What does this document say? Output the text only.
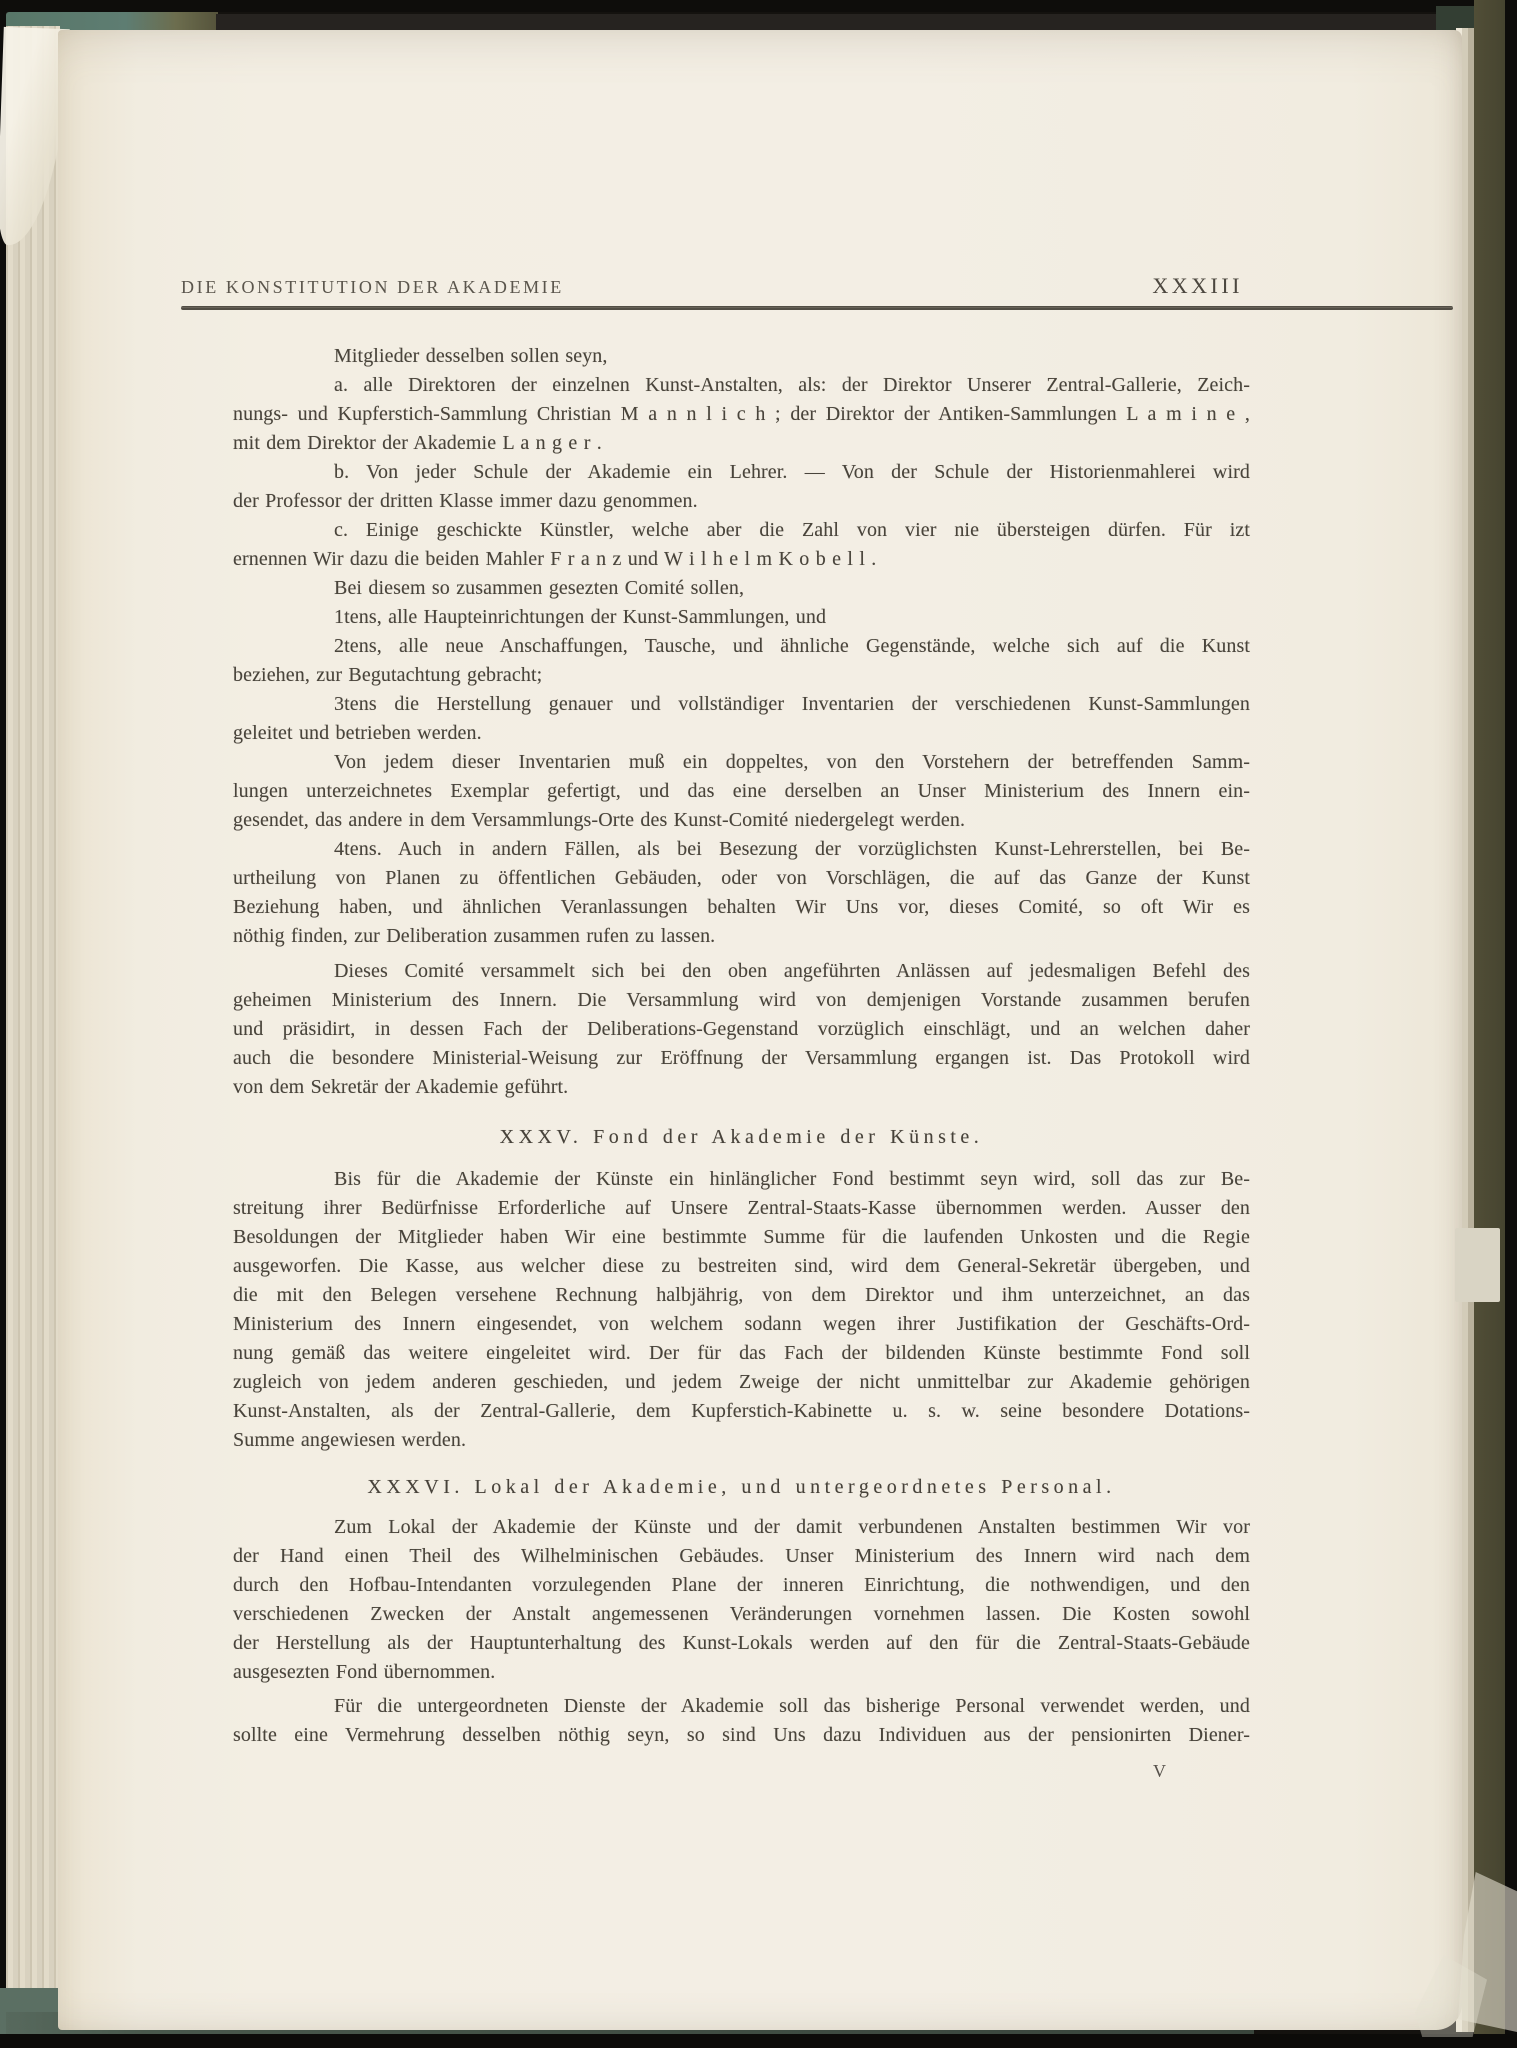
DIE KONSTITUTION DER AKADEMIE	XXXIII
Mitglieder desselben sollen seyn,
a. alle Direktoren der einzelnen Kunst-Anstalten, als: der Direktor Unserer Zentral-Gallerie, Zeich-
nungs- und Kupferstich-Sammlung Christian M a n n l i c h ; der Direktor der Antiken-Sammlungen L a m i n e ,
mit dem Direktor der Akademie L a n g e r .
b. Von jeder Schule der Akademie ein Lehrer. — Von der Schule der Historienmahlerei wird
der Professor der dritten Klasse immer dazu genommen.
c. Einige geschickte Künstler, welche aber die Zahl von vier nie übersteigen dürfen. Für izt
ernennen Wir dazu die beiden Mahler F r a n z und W i l h e l m K o b e l l .
Bei diesem so zusammen gesezten Comité sollen,
1tens, alle Haupteinrichtungen der Kunst-Sammlungen, und
2tens, alle neue Anschaffungen, Tausche, und ähnliche Gegenstände, welche sich auf die Kunst
beziehen, zur Begutachtung gebracht;
3tens die Herstellung genauer und vollständiger Inventarien der verschiedenen Kunst-Sammlungen
geleitet und betrieben werden.
Von jedem dieser Inventarien muß ein doppeltes, von den Vorstehern der betreffenden Samm-
lungen unterzeichnetes Exemplar gefertigt, und das eine derselben an Unser Ministerium des Innern ein-
gesendet, das andere in dem Versammlungs-Orte des Kunst-Comité niedergelegt werden.
4tens. Auch in andern Fällen, als bei Besezung der vorzüglichsten Kunst-Lehrerstellen, bei Be-
urtheilung von Planen zu öffentlichen Gebäuden, oder von Vorschlägen, die auf das Ganze der Kunst
Beziehung haben, und ähnlichen Veranlassungen behalten Wir Uns vor, dieses Comité, so oft Wir es
nöthig finden, zur Deliberation zusammen rufen zu lassen.
Dieses Comité versammelt sich bei den oben angeführten Anlässen auf jedesmaligen Befehl des
geheimen Ministerium des Innern. Die Versammlung wird von demjenigen Vorstande zusammen berufen
und präsidirt, in dessen Fach der Deliberations-Gegenstand vorzüglich einschlägt, und an welchen daher
auch die besondere Ministerial-Weisung zur Eröffnung der Versammlung ergangen ist. Das Protokoll wird
von dem Sekretär der Akademie geführt.
XXXV. Fond der Akademie der Künste.
Bis für die Akademie der Künste ein hinlänglicher Fond bestimmt seyn wird, soll das zur Be-
streitung ihrer Bedürfnisse Erforderliche auf Unsere Zentral-Staats-Kasse übernommen werden. Ausser den
Besoldungen der Mitglieder haben Wir eine bestimmte Summe für die laufenden Unkosten und die Regie
ausgeworfen. Die Kasse, aus welcher diese zu bestreiten sind, wird dem General-Sekretär übergeben, und
die mit den Belegen versehene Rechnung halbjährig, von dem Direktor und ihm unterzeichnet, an das
Ministerium des Innern eingesendet, von welchem sodann wegen ihrer Justifikation der Geschäfts-Ord-
nung gemäß das weitere eingeleitet wird. Der für das Fach der bildenden Künste bestimmte Fond soll
zugleich von jedem anderen geschieden, und jedem Zweige der nicht unmittelbar zur Akademie gehörigen
Kunst-Anstalten, als der Zentral-Gallerie, dem Kupferstich-Kabinette u. s. w. seine besondere Dotations-
Summe angewiesen werden.
XXXVI. Lokal der Akademie, und untergeordnetes Personal.
Zum Lokal der Akademie der Künste und der damit verbundenen Anstalten bestimmen Wir vor
der Hand einen Theil des Wilhelminischen Gebäudes. Unser Ministerium des Innern wird nach dem
durch den Hofbau-Intendanten vorzulegenden Plane der inneren Einrichtung, die nothwendigen, und den
verschiedenen Zwecken der Anstalt angemessenen Veränderungen vornehmen lassen. Die Kosten sowohl
der Herstellung als der Hauptunterhaltung des Kunst-Lokals werden auf den für die Zentral-Staats-Gebäude
ausgesezten Fond übernommen.
Für die untergeordneten Dienste der Akademie soll das bisherige Personal verwendet werden, und
sollte eine Vermehrung desselben nöthig seyn, so sind Uns dazu Individuen aus der pensionirten Diener-
V
